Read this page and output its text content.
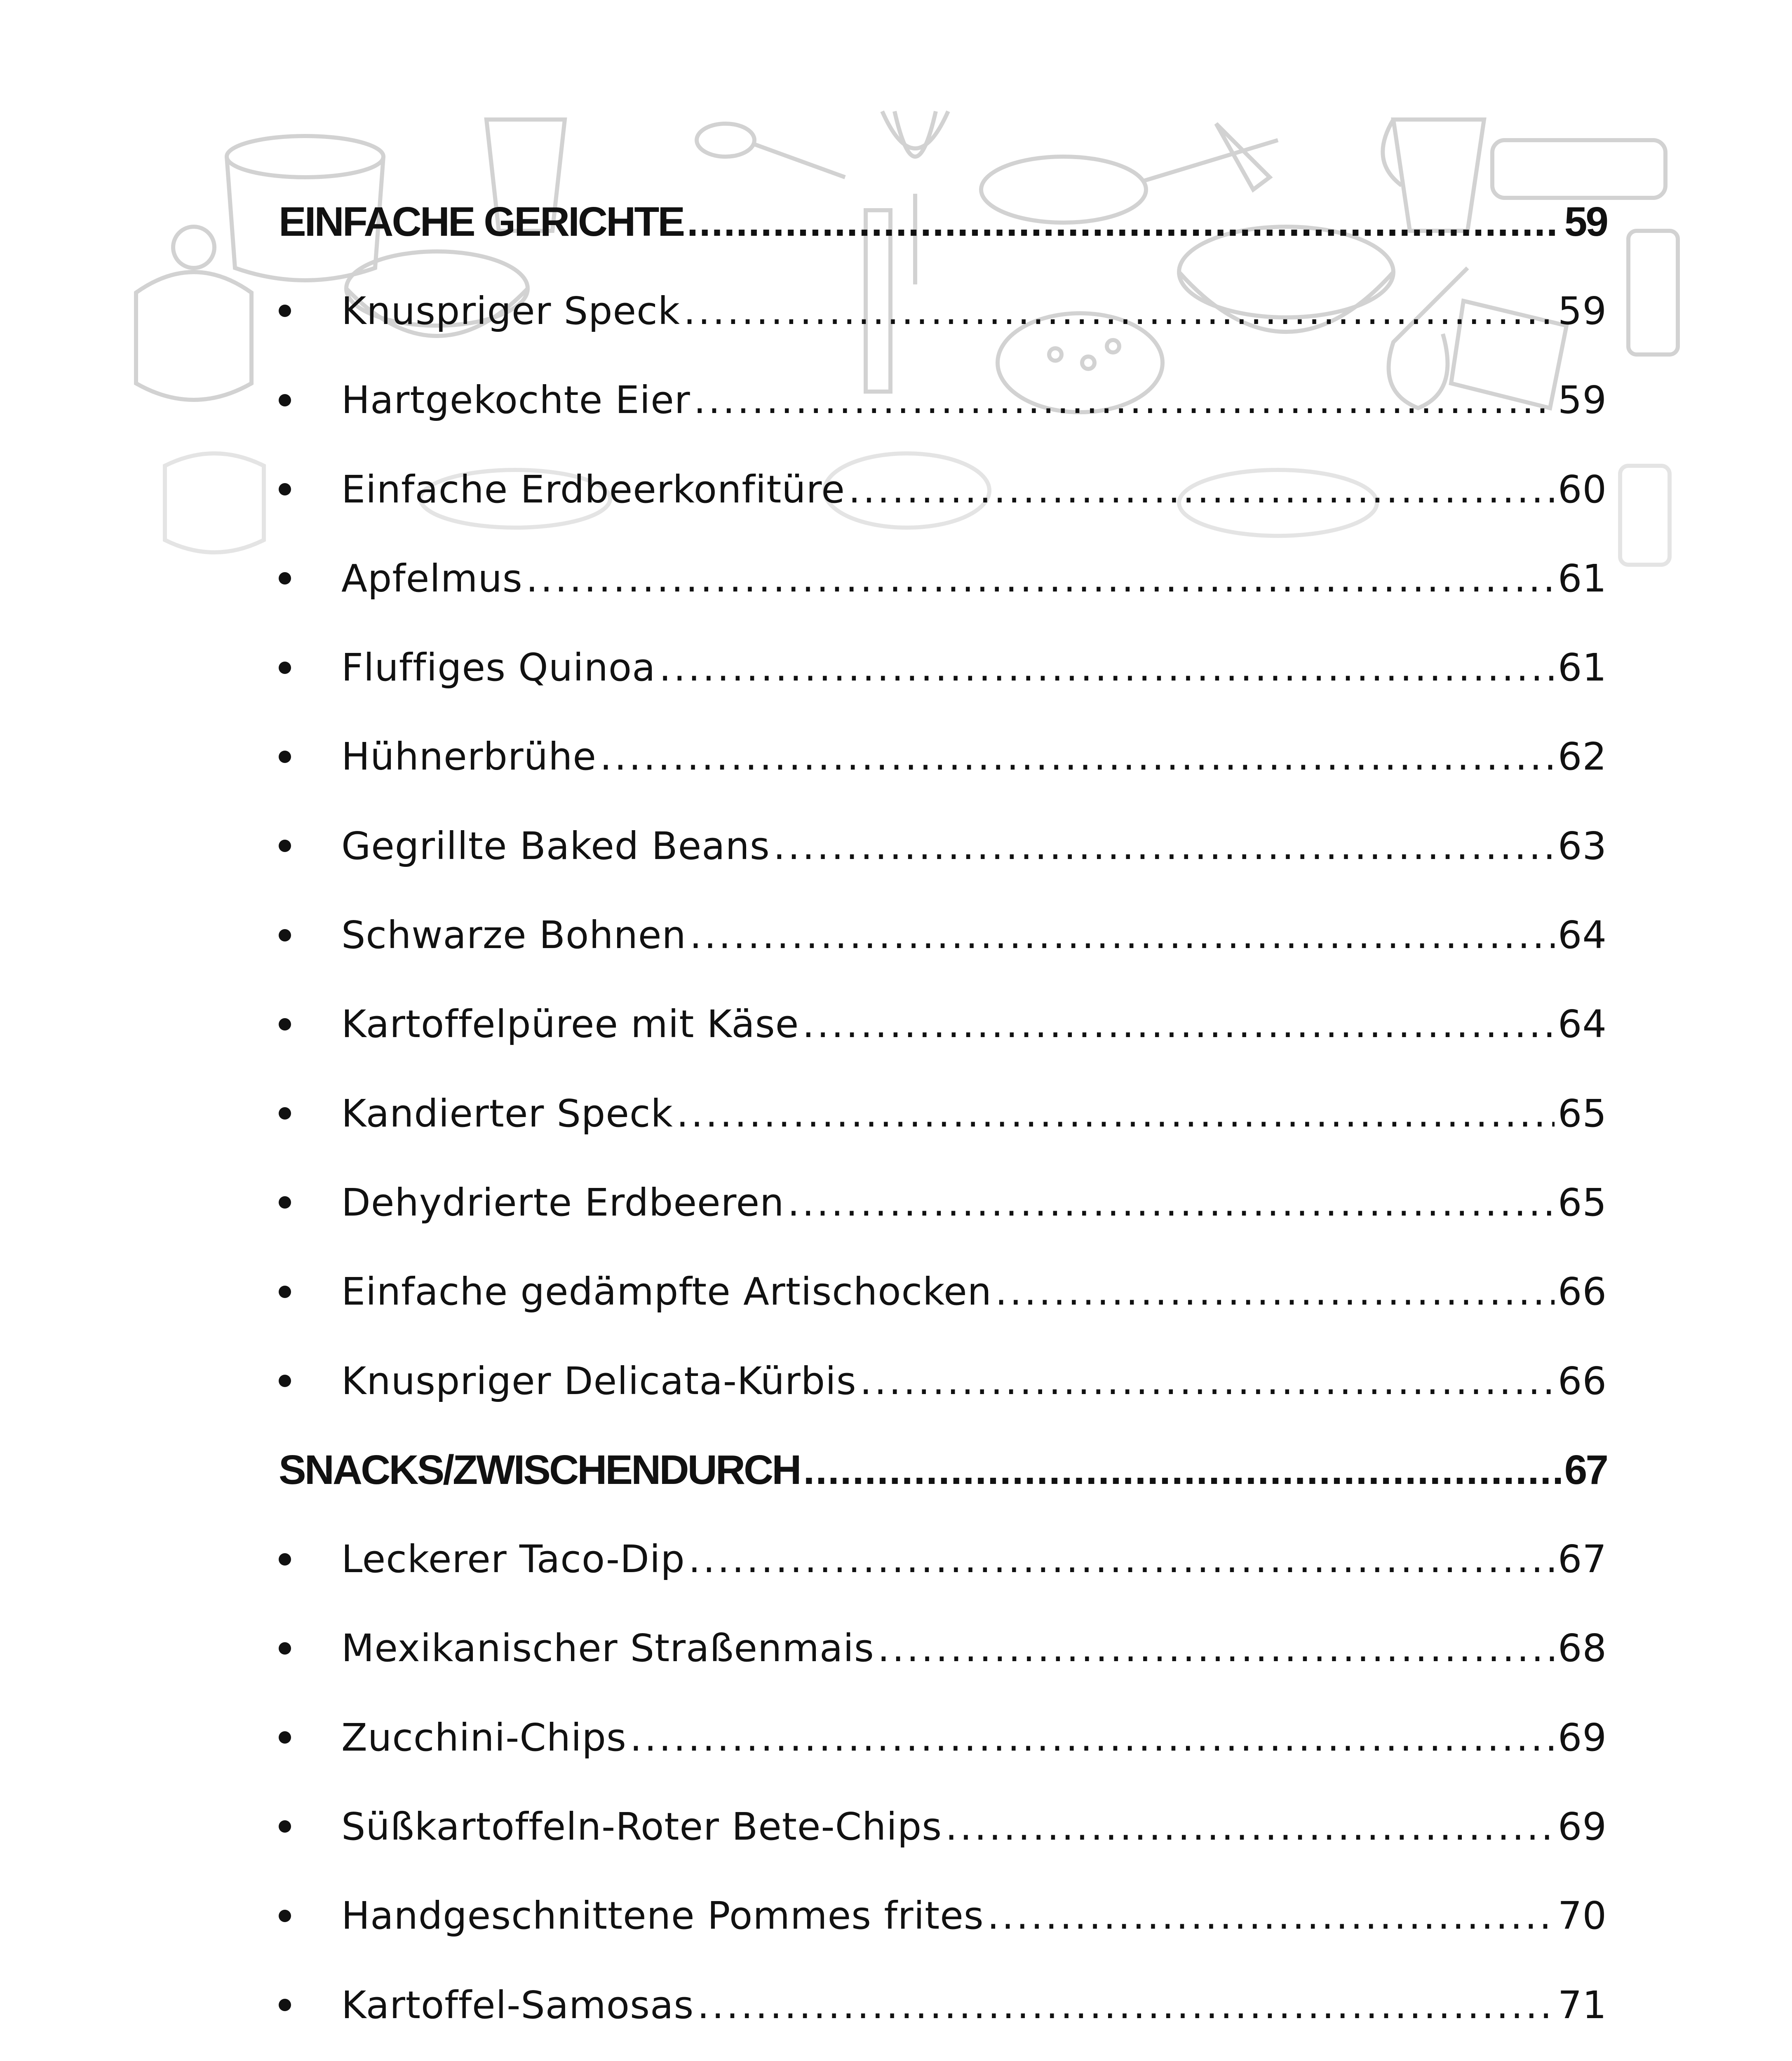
EINFACHE GERICHTE .....	59
Knuspriger Speck .....	59
Hartgekochte Eier .....	59
Einfache Erdbeerkonfitüre .....	60
Apfelmus .....	61
Fluffiges Quinoa .....	61
Hühnerbrühe .....	62
Gegrillte Baked Beans .....	63
Schwarze Bohnen .....	64
Kartoffelpüree mit Käse .....	64
Kandierter Speck .....	65
Dehydrierte Erdbeeren .....	65
Einfache gedämpfte Artischocken .....	66
Knuspriger Delicata-Kürbis .....	66
SNACKS/ZWISCHENDURCH .....	67
Leckerer Taco-Dip .....	67
Mexikanischer Straßenmais .....	68
Zucchini-Chips .....	69
Süßkartoffeln-Roter Bete-Chips .....	69
Handgeschnittene Pommes frites .....	70
Kartoffel-Samosas .....	71
